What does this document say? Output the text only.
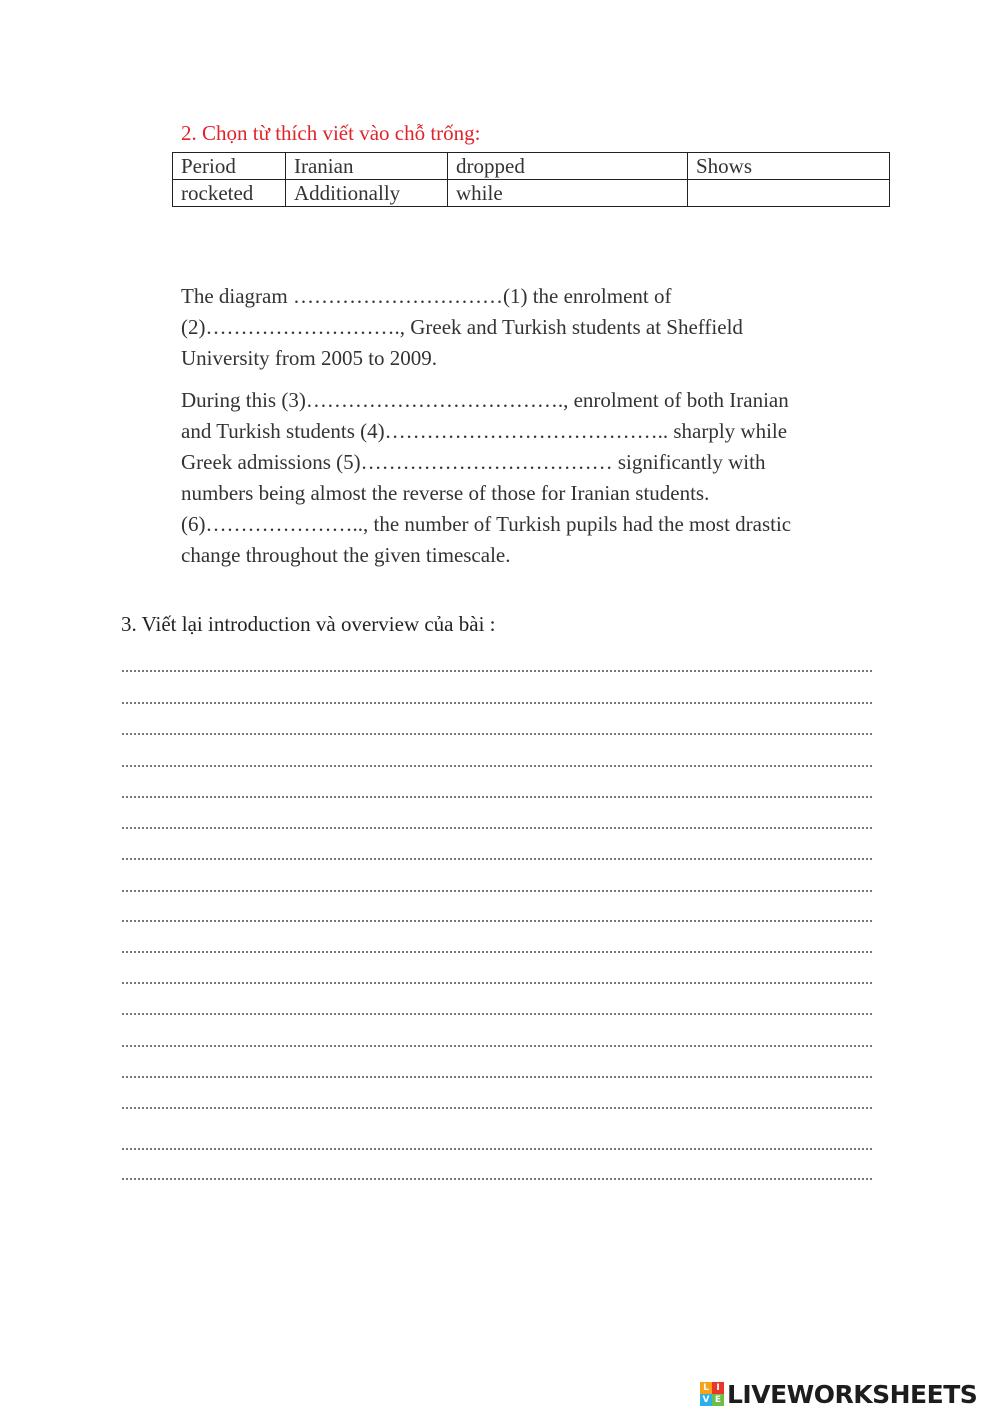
2. Chọn từ thích viết vào chỗ trống:
Period	Iranian	dropped	Shows
rocketed	Additionally	while	
The diagram …………………………(1) the enrolment of
(2)………………………., Greek and Turkish students at Sheffield
University from 2005 to 2009.
During this (3)………………………………., enrolment of both Iranian
and Turkish students (4)………………………………….. sharply while
Greek admissions (5)……………………………… significantly with
numbers being almost the reverse of those for Iranian students.
(6)………………….., the number of Turkish pupils had the most drastic
change throughout the given timescale.
3. Viết lại introduction và overview của bài :
L I
V E LIVEWORKSHEETS
